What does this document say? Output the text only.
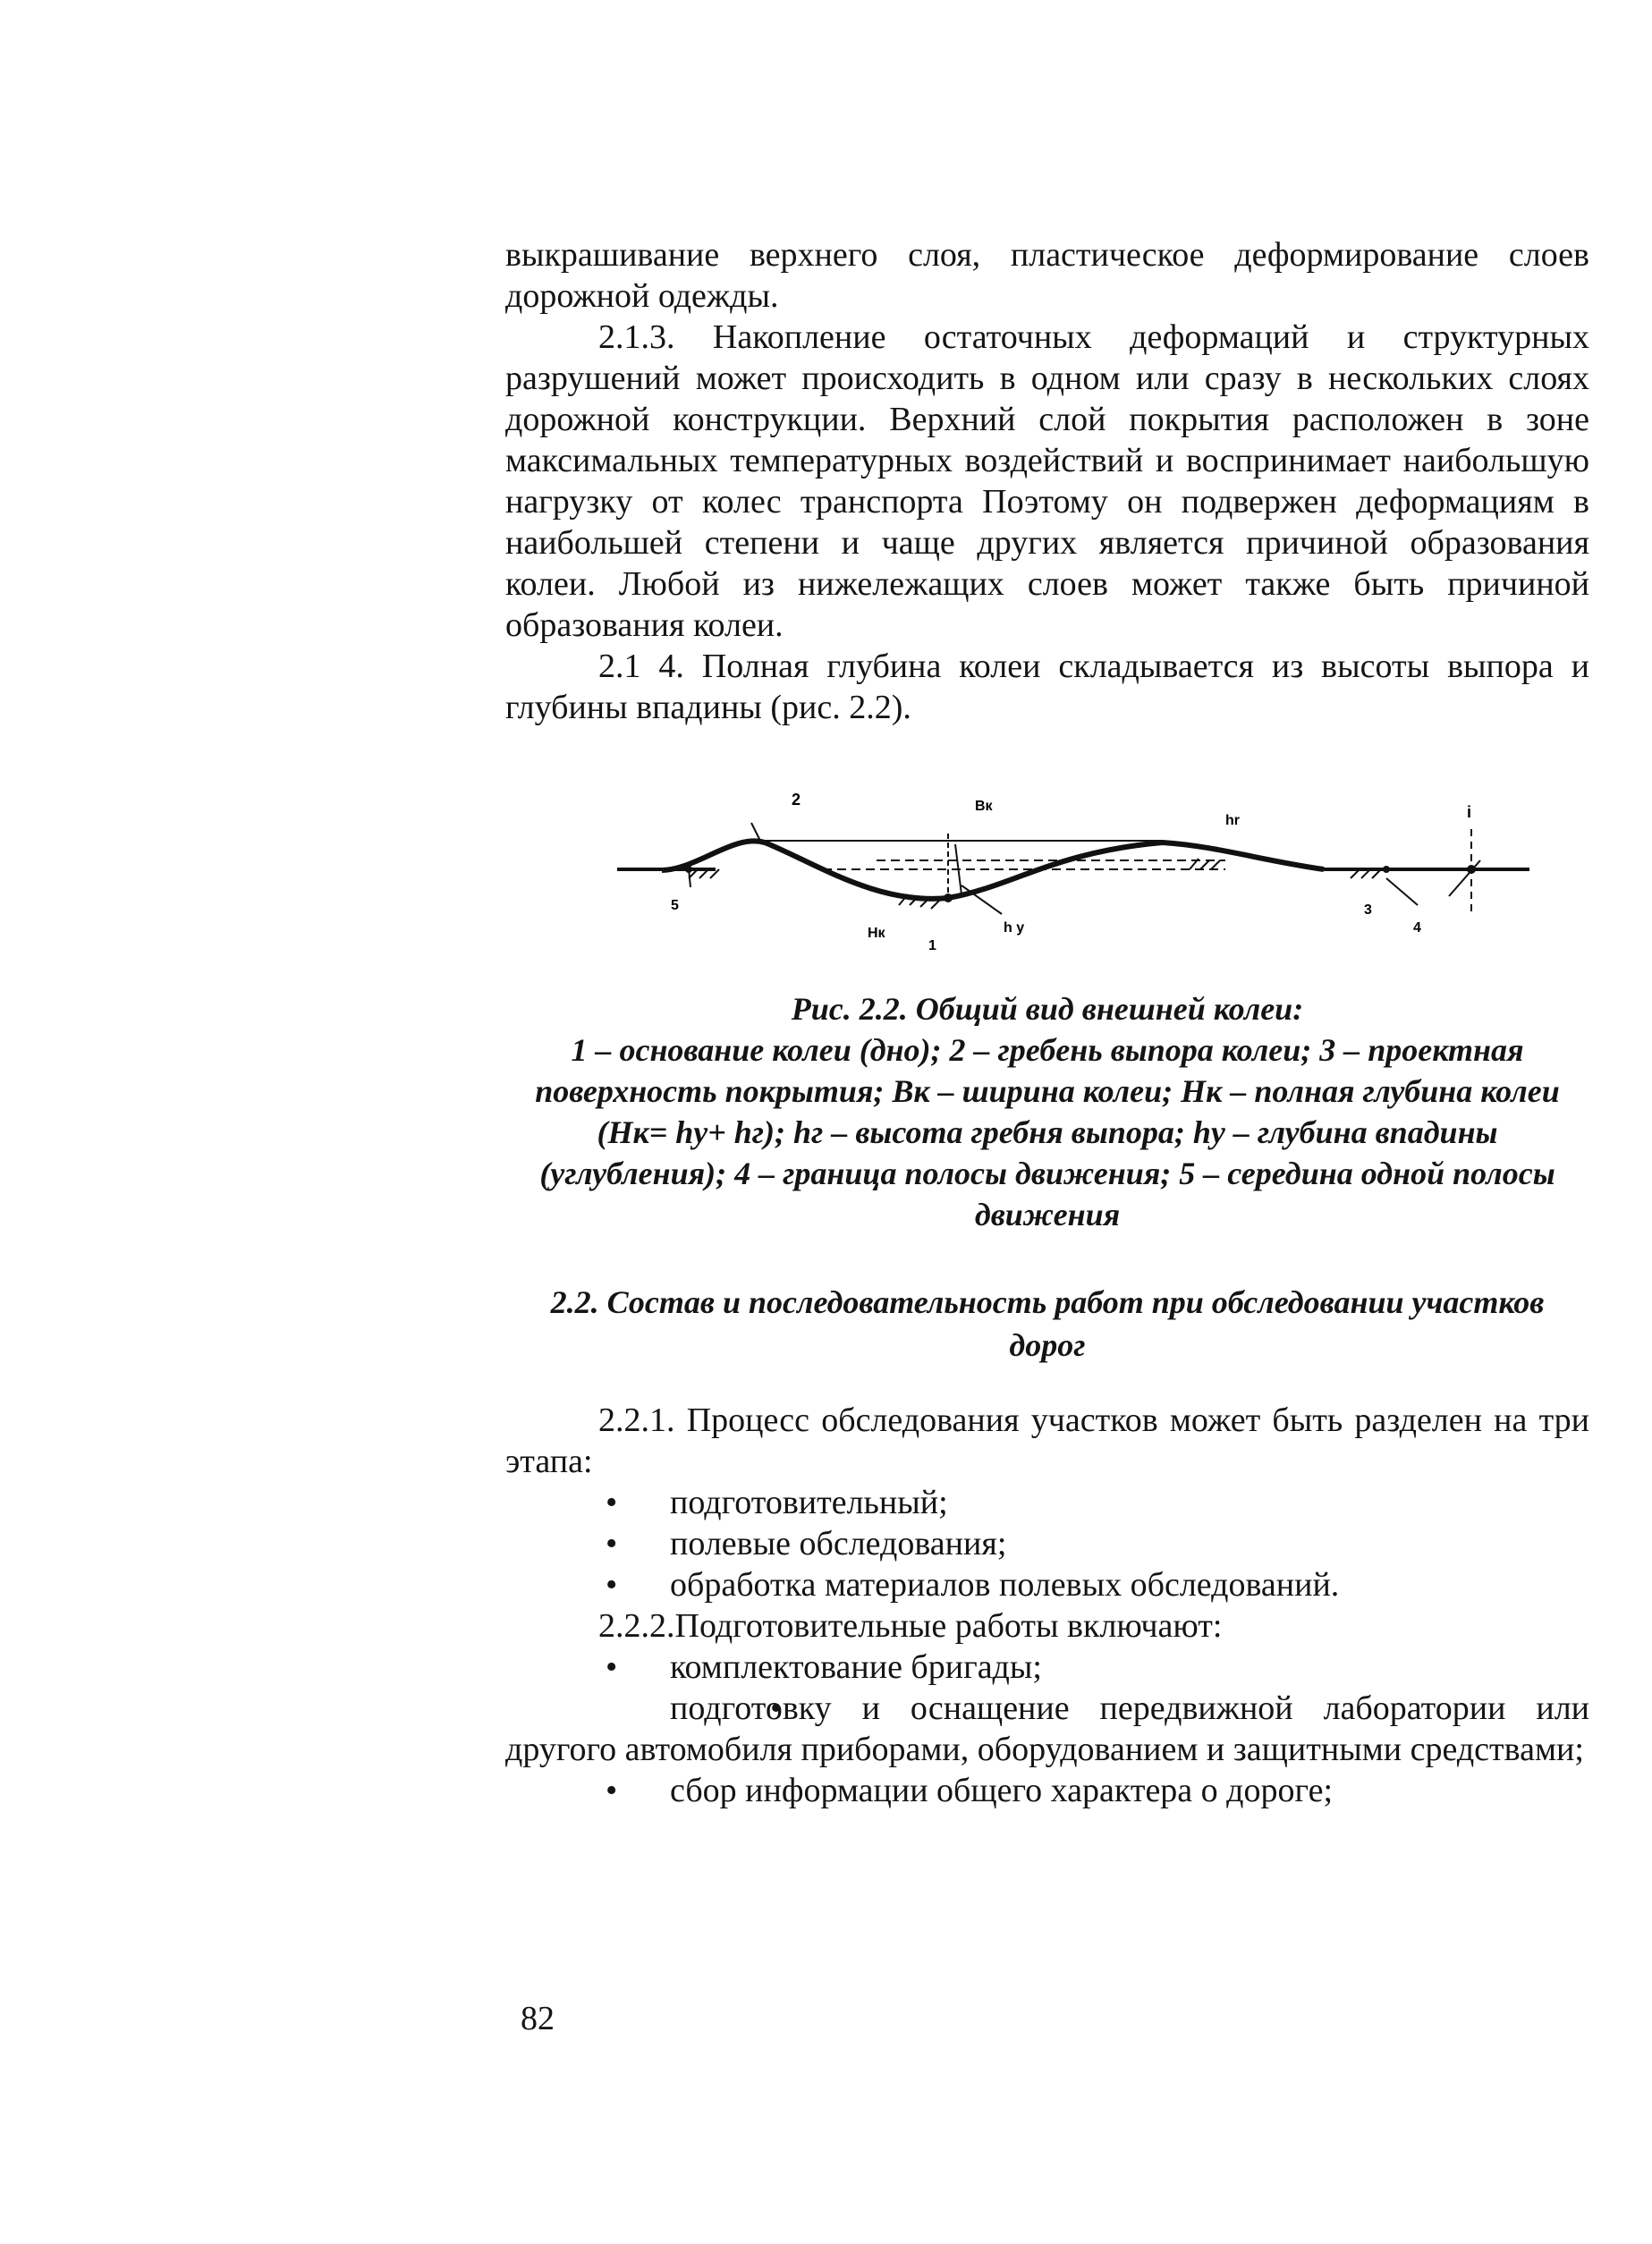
выкрашивание верхнего слоя, пластическое деформирование слоев дорожной одежды.

2.1.3. Накопление остаточных деформаций и структурных разрушений может происходить в одном или сразу в нескольких слоях дорожной конструкции. Верхний слой покрытия расположен в зоне максимальных температурных воздействий и воспринимает наибольшую нагрузку от колес транспорта Поэтому он подвержен деформациям в наибольшей степени и чаще других является причиной образования колеи. Любой из нижележащих слоев может также быть причиной образования колеи.

2.1 4. Полная глубина колеи складывается из высоты выпора и глубины впадины (рис. 2.2).

2	Вк
hr	i
5
Нк
1
h у
3
4
Рис. 2.2. Общий вид внешней колеи:
1 – основание колеи (дно); 2 – гребень выпора колеи; 3 – проектная
поверхность покрытия; Вк – ширина колеи; Нк – полная глубина колеи
(Нк= hу+ hг); hг – высота гребня выпора; hу – глубина впадины
(углубления); 4 – граница полосы движения; 5 – середина одной полосы
движения
2.2. Состав и последовательность работ при обследовании участков
дорог

2.2.1. Процесс обследования участков может быть разделен на три этапа:

• подготовительный;

• полевые обследования;

• обработка материалов полевых обследований.

2.2.2.Подготовительные работы включают:

• комплектование бригады;

• подготовку и оснащение передвижной лаборатории или другого автомобиля приборами, оборудованием и защитными средствами;

• сбор информации общего характера о дороге;

82
